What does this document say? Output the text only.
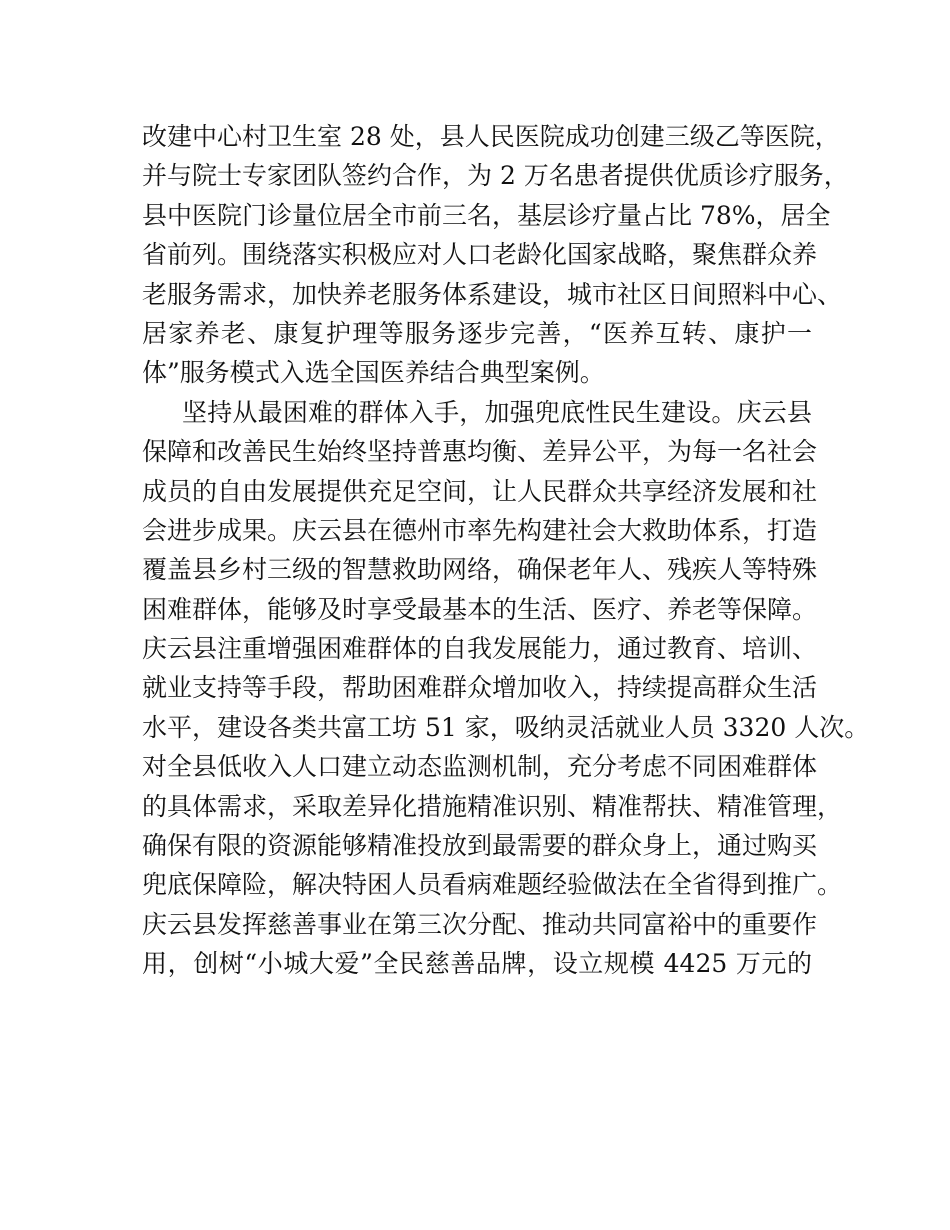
改建中心村卫生室 28 处，县人民医院成功创建三级乙等医院，
并与院士专家团队签约合作，为 2 万名患者提供优质诊疗服务，
县中医院门诊量位居全市前三名，基层诊疗量占比 78%，居全
省前列。围绕落实积极应对人口老龄化国家战略，聚焦群众养
老服务需求，加快养老服务体系建设，城市社区日间照料中心、
居家养老、康复护理等服务逐步完善，“医养互转、康护一
体”服务模式入选全国医养结合典型案例。
坚持从最困难的群体入手，加强兜底性民生建设。庆云县
保障和改善民生始终坚持普惠均衡、差异公平，为每一名社会
成员的自由发展提供充足空间，让人民群众共享经济发展和社
会进步成果。庆云县在德州市率先构建社会大救助体系，打造
覆盖县乡村三级的智慧救助网络，确保老年人、残疾人等特殊
困难群体，能够及时享受最基本的生活、医疗、养老等保障。
庆云县注重增强困难群体的自我发展能力，通过教育、培训、
就业支持等手段，帮助困难群众增加收入，持续提高群众生活
水平，建设各类共富工坊 51 家，吸纳灵活就业人员 3320 人次。
对全县低收入人口建立动态监测机制，充分考虑不同困难群体
的具体需求，采取差异化措施精准识别、精准帮扶、精准管理，
确保有限的资源能够精准投放到最需要的群众身上，通过购买
兜底保障险，解决特困人员看病难题经验做法在全省得到推广。
庆云县发挥慈善事业在第三次分配、推动共同富裕中的重要作
用，创树“小城大爱”全民慈善品牌，设立规模 4425 万元的
